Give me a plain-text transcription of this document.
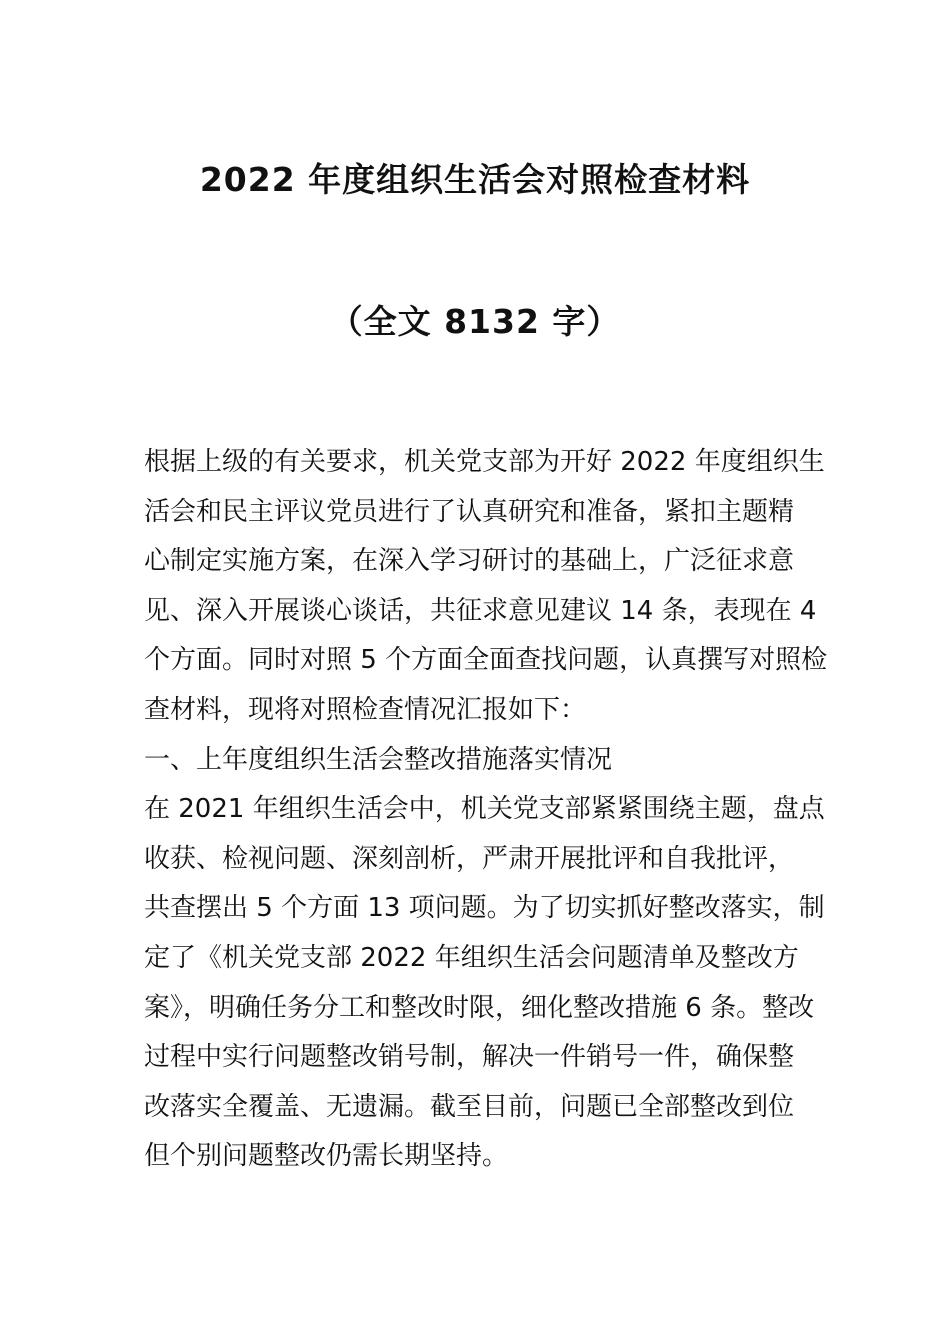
2022 年度组织生活会对照检查材料
（全文 8132 字）
根据上级的有关要求，机关党支部为开好 2022 年度组织生
活会和民主评议党员进行了认真研究和准备，紧扣主题精
心制定实施方案，在深入学习研讨的基础上，广泛征求意
见、深入开展谈心谈话，共征求意见建议 14 条，表现在 4
个方面。同时对照 5 个方面全面查找问题，认真撰写对照检
查材料，现将对照检查情况汇报如下：
一、上年度组织生活会整改措施落实情况
在 2021 年组织生活会中，机关党支部紧紧围绕主题，盘点
收获、检视问题、深刻剖析，严肃开展批评和自我批评，
共查摆出 5 个方面 13 项问题。为了切实抓好整改落实，制
定了《机关党支部 2022 年组织生活会问题清单及整改方
案》，明确任务分工和整改时限，细化整改措施 6 条。整改
过程中实行问题整改销号制，解决一件销号一件，确保整
改落实全覆盖、无遗漏。截至目前，问题已全部整改到位
但个别问题整改仍需长期坚持。
